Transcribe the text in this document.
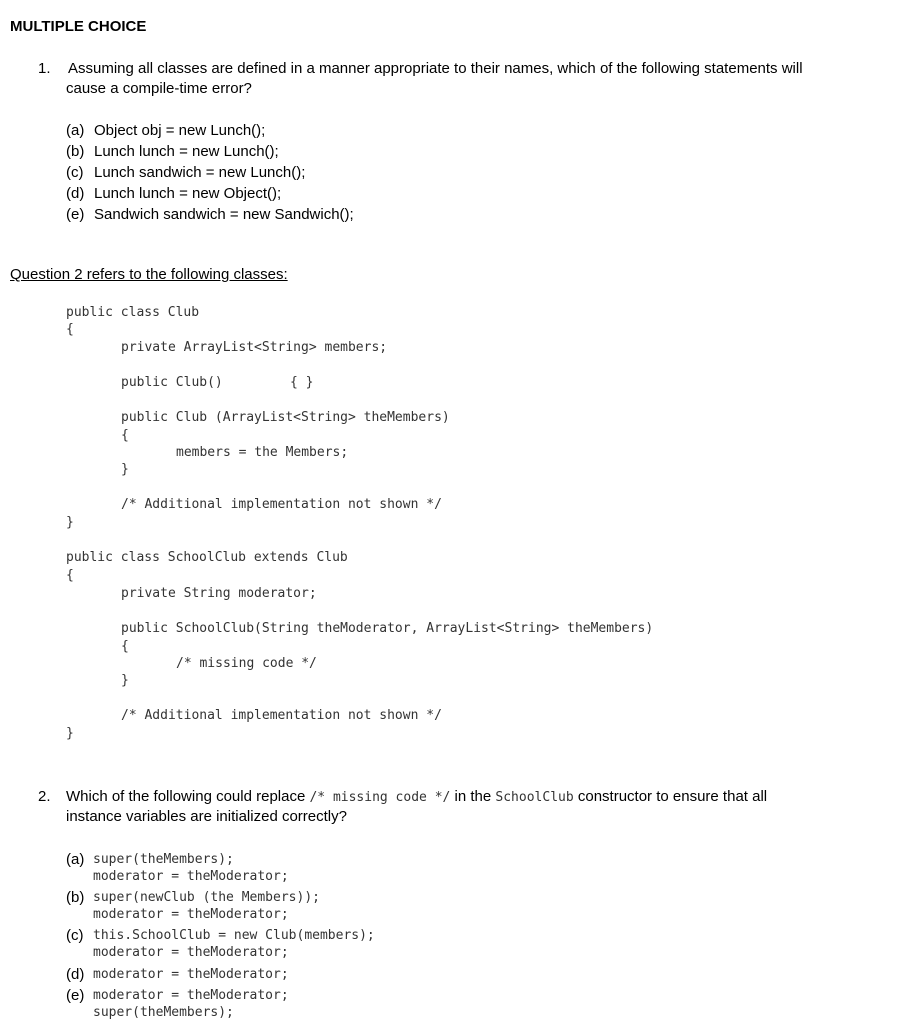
MULTIPLE CHOICE
1. Assuming all classes are defined in a manner appropriate to their names, which of the following statements will
cause a compile-time error?
(a) Object obj = new Lunch();
(b) Lunch lunch = new Lunch();
(c) Lunch sandwich = new Lunch();
(d) Lunch lunch = new Object();
(e) Sandwich sandwich = new Sandwich();
Question 2 refers to the following classes:
public class Club
{
private ArrayList<String> members;
public Club()	{ }
public Club (ArrayList<String> theMembers)
{
members = the Members;
}
/* Additional implementation not shown */
}
public class SchoolClub extends Club
{
private String moderator;
public SchoolClub(String theModerator, ArrayList<String> theMembers)
{
/* missing code */
}
/* Additional implementation not shown */
}
2. Which of the following could replace /* missing code */ in the SchoolClub constructor to ensure that all
instance variables are initialized correctly?
(a) super(theMembers);
moderator = theModerator;
(b) super(newClub (the Members));
moderator = theModerator;
(c) this.SchoolClub = new Club(members);
moderator = theModerator;
(d) moderator = theModerator;
(e) moderator = theModerator;
super(theMembers);
